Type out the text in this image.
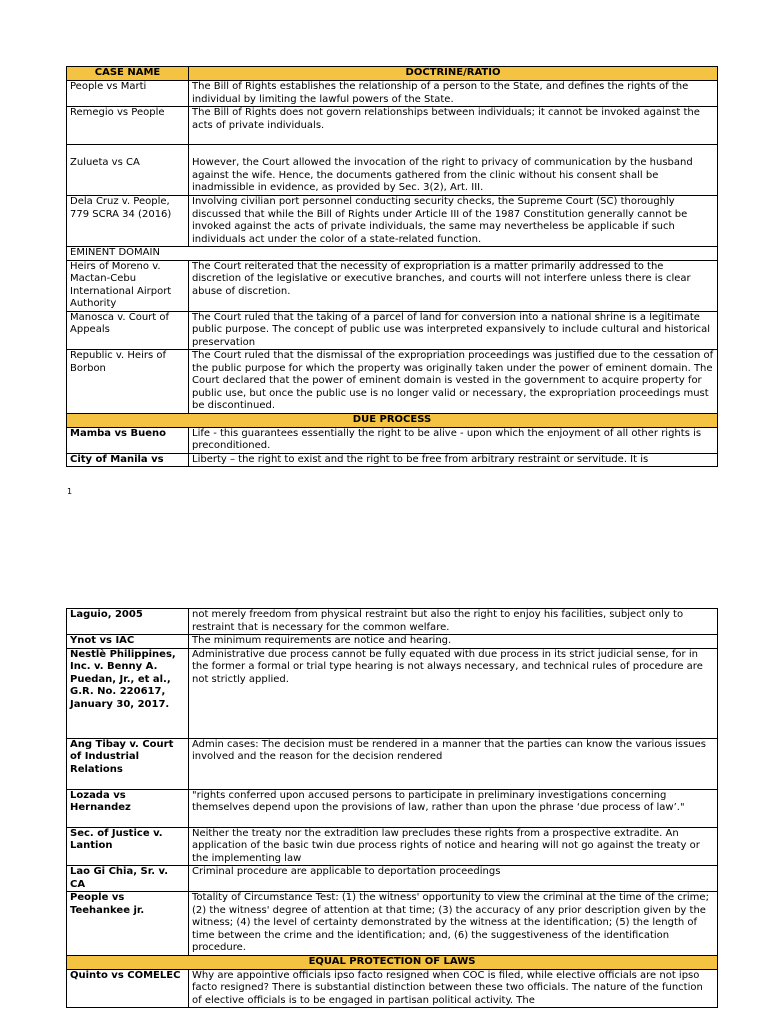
CASE NAME	DOCTRINE/RATIO
People vs Marti	The Bill of Rights establishes the relationship of a person to the State, and defines the rights of the individual by limiting the lawful powers of the State.
Remegio vs People	The Bill of Rights does not govern relationships between individuals; it cannot be invoked against the acts of private individuals.
Zulueta vs CA	However, the Court allowed the invocation of the right to privacy of communication by the husband against the wife. Hence, the documents gathered from the clinic without his consent shall be inadmissible in evidence, as provided by Sec. 3(2), Art. III.
Dela Cruz v. People, 779 SCRA 34 (2016)	Involving civilian port personnel conducting security checks, the Supreme Court (SC) thoroughly discussed that while the Bill of Rights under Article III of the 1987 Constitution generally cannot be invoked against the acts of private individuals, the same may nevertheless be applicable if such individuals act under the color of a state-related function.
EMINENT DOMAIN	
Heirs of Moreno v. Mactan-Cebu International Airport Authority	The Court reiterated that the necessity of expropriation is a matter primarily addressed to the discretion of the legislative or executive branches, and courts will not interfere unless there is clear abuse of discretion.
Manosca v. Court of Appeals	The Court ruled that the taking of a parcel of land for conversion into a national shrine is a legitimate public purpose. The concept of public use was interpreted expansively to include cultural and historical preservation
Republic v. Heirs of Borbon	The Court ruled that the dismissal of the expropriation proceedings was justified due to the cessation of the public purpose for which the property was originally taken under the power of eminent domain. The Court declared that the power of eminent domain is vested in the government to acquire property for public use, but once the public use is no longer valid or necessary, the expropriation proceedings must be discontinued.
DUE PROCESS	
Mamba vs Bueno	Life - this guarantees essentially the right to be alive - upon which the enjoyment of all other rights is preconditioned.
City of Manila vs	Liberty – the right to exist and the right to be free from arbitrary restraint or servitude. It is
1
Laguio, 2005	not merely freedom from physical restraint but also the right to enjoy his facilities, subject only to restraint that is necessary for the common welfare.
Ynot vs IAC	The minimum requirements are notice and hearing.
Nestlè Philippines, Inc. v. Benny A. Puedan, Jr., et al., G.R. No. 220617, January 30, 2017.	Administrative due process cannot be fully equated with due process in its strict judicial sense, for in the former a formal or trial type hearing is not always necessary, and technical rules of procedure are not strictly applied.
Ang Tibay v. Court of Industrial Relations	Admin cases: The decision must be rendered in a manner that the parties can know the various issues involved and the reason for the decision rendered
Lozada vs Hernandez	"rights conferred upon accused persons to participate in preliminary investigations concerning themselves depend upon the provisions of law, rather than upon the phrase ‘due process of law’."
Sec. of Justice v. Lantion	Neither the treaty nor the extradition law precludes these rights from a prospective extradite. An application of the basic twin due process rights of notice and hearing will not go against the treaty or the implementing law
Lao Gi Chia, Sr. v. CA	Criminal procedure are applicable to deportation proceedings
People vs Teehankee jr.	Totality of Circumstance Test: (1) the witness' opportunity to view the criminal at the time of the crime; (2) the witness' degree of attention at that time; (3) the accuracy of any prior description given by the witness; (4) the level of certainty demonstrated by the witness at the identification; (5) the length of time between the crime and the identification; and, (6) the suggestiveness of the identification procedure.
EQUAL PROTECTION OF LAWS	
Quinto vs COMELEC	Why are appointive officials ipso facto resigned when COC is filed, while elective officials are not ipso facto resigned? There is substantial distinction between these two officials. The nature of the function of elective officials is to be engaged in partisan political activity. The
